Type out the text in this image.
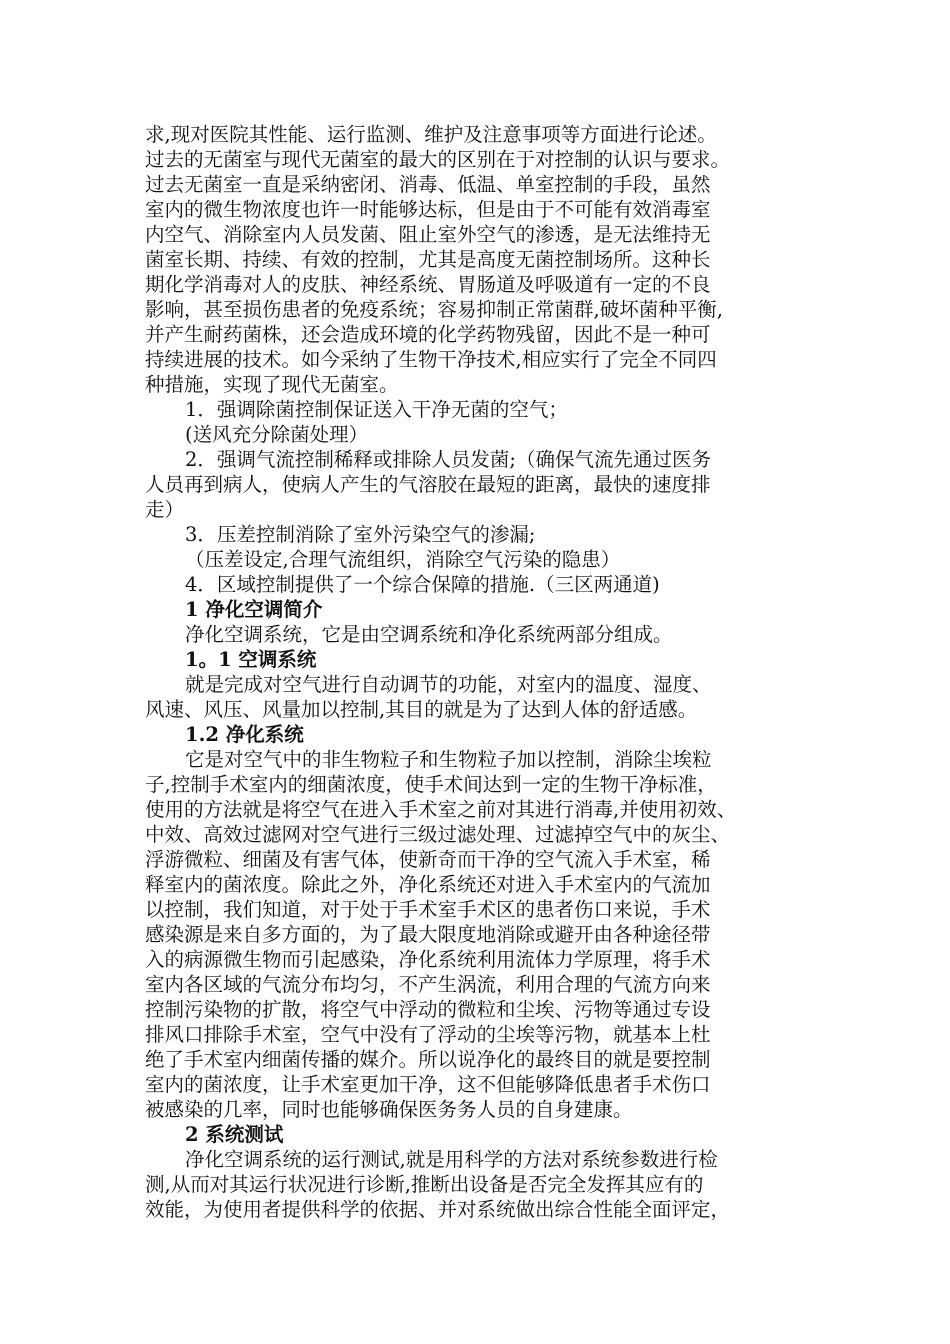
求,现对医院其性能、运行监测、维护及注意事项等方面进行论述。
过去的无菌室与现代无菌室的最大的区别在于对控制的认识与要求。
过去无菌室一直是采纳密闭、消毒、低温、单室控制的手段，虽然
室内的微生物浓度也许一时能够达标，但是由于不可能有效消毒室
内空气、消除室内人员发菌、阻止室外空气的渗透，是无法维持无
菌室长期、持续、有效的控制，尤其是高度无菌控制场所。这种长
期化学消毒对人的皮肤、神经系统、胃肠道及呼吸道有一定的不良
影响，甚至损伤患者的免疫系统；容易抑制正常菌群,破坏菌种平衡,
并产生耐药菌株，还会造成环境的化学药物残留，因此不是一种可
持续进展的技术。如今采纳了生物干净技术,相应实行了完全不同四
种措施，实现了现代无菌室。
1．强调除菌控制保证送入干净无菌的空气；
(送风充分除菌处理）
2．强调气流控制稀释或排除人员发菌;（确保气流先通过医务
人员再到病人，使病人产生的气溶胶在最短的距离，最快的速度排
走）
3．压差控制消除了室外污染空气的渗漏;
（压差设定,合理气流组织，消除空气污染的隐患）
4．区域控制提供了一个综合保障的措施.（三区两通道)
1 净化空调简介
净化空调系统，它是由空调系统和净化系统两部分组成。
1。1 空调系统
就是完成对空气进行自动调节的功能，对室内的温度、湿度、
风速、风压、风量加以控制,其目的就是为了达到人体的舒适感。
1.2 净化系统
它是对空气中的非生物粒子和生物粒子加以控制，消除尘埃粒
子,控制手术室内的细菌浓度，使手术间达到一定的生物干净标准，
使用的方法就是将空气在进入手术室之前对其进行消毒,并使用初效、
中效、高效过滤网对空气进行三级过滤处理、过滤掉空气中的灰尘、
浮游微粒、细菌及有害气体，使新奇而干净的空气流入手术室，稀
释室内的菌浓度。除此之外，净化系统还对进入手术室内的气流加
以控制，我们知道，对于处于手术室手术区的患者伤口来说，手术
感染源是来自多方面的，为了最大限度地消除或避开由各种途径带
入的病源微生物而引起感染，净化系统利用流体力学原理，将手术
室内各区域的气流分布均匀，不产生涡流，利用合理的气流方向来
控制污染物的扩散，将空气中浮动的微粒和尘埃、污物等通过专设
排风口排除手术室，空气中没有了浮动的尘埃等污物，就基本上杜
绝了手术室内细菌传播的媒介。所以说净化的最终目的就是要控制
室内的菌浓度，让手术室更加干净，这不但能够降低患者手术伤口
被感染的几率，同时也能够确保医务务人员的自身建康。
2 系统测试
净化空调系统的运行测试,就是用科学的方法对系统参数进行检
测,从而对其运行状况进行诊断,推断出设备是否完全发挥其应有的
效能，为使用者提供科学的依据、并对系统做出综合性能全面评定，
